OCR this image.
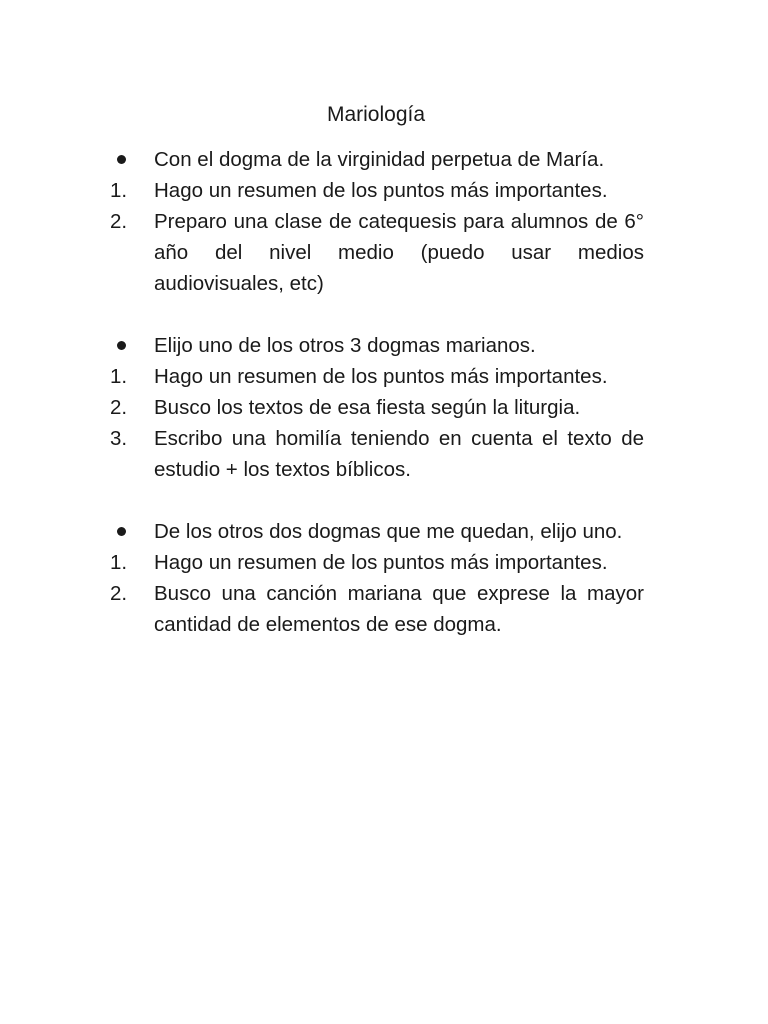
Mariología
Con el dogma de la virginidad perpetua de María.
1.	Hago un resumen de los puntos más importantes.
2.	Preparo una clase de catequesis para alumnos de 6° año del nivel medio (puedo usar medios audiovisuales, etc)
Elijo uno de los otros 3 dogmas marianos.
1.	Hago un resumen de los puntos más importantes.
2.	Busco los textos de esa fiesta según la liturgia.
3.	Escribo una homilía teniendo en cuenta el texto de estudio + los textos bíblicos.
De los otros dos dogmas que me quedan, elijo uno.
1.	Hago un resumen de los puntos más importantes.
2.	Busco una canción mariana que exprese la mayor cantidad de elementos de ese dogma.
